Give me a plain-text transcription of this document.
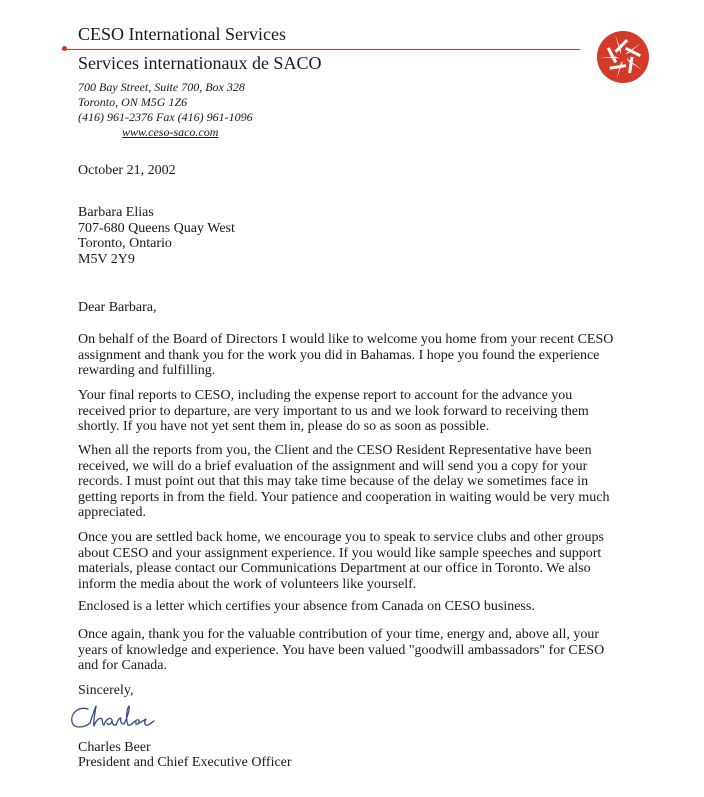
CESO International Services
Services internationaux de SACO
700 Bay Street, Suite 700, Box 328
Toronto, ON M5G 1Z6
(416) 961-2376 Fax (416) 961-1096
www.ceso-saco.com
October 21, 2002
Barbara Elias
707-680 Queens Quay West
Toronto, Ontario
M5V 2Y9
Dear Barbara,
On behalf of the Board of Directors I would like to welcome you home from your recent CESO
assignment and thank you for the work you did in Bahamas. I hope you found the experience
rewarding and fulfilling.
Your final reports to CESO, including the expense report to account for the advance you
received prior to departure, are very important to us and we look forward to receiving them
shortly. If you have not yet sent them in, please do so as soon as possible.
When all the reports from you, the Client and the CESO Resident Representative have been
received, we will do a brief evaluation of the assignment and will send you a copy for your
records. I must point out that this may take time because of the delay we sometimes face in
getting reports in from the field. Your patience and cooperation in waiting would be very much
appreciated.
Once you are settled back home, we encourage you to speak to service clubs and other groups
about CESO and your assignment experience. If you would like sample speeches and support
materials, please contact our Communications Department at our office in Toronto. We also
inform the media about the work of volunteers like yourself.
Enclosed is a letter which certifies your absence from Canada on CESO business.
Once again, thank you for the valuable contribution of your time, energy and, above all, your
years of knowledge and experience. You have been valued "goodwill ambassadors" for CESO
and for Canada.
Sincerely,
Charles Beer
President and Chief Executive Officer
